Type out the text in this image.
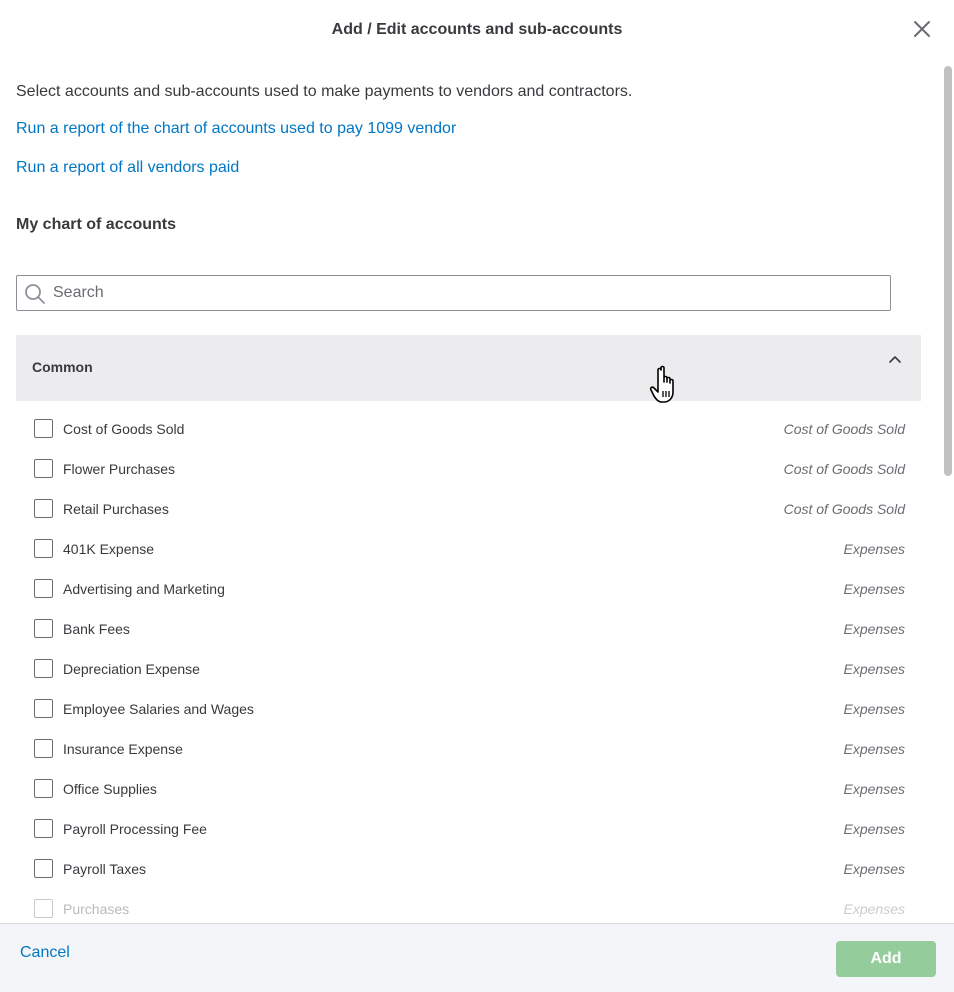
Add / Edit accounts and sub-accounts
Select accounts and sub-accounts used to make payments to vendors and contractors.
Run a report of the chart of accounts used to pay 1099 vendor
Run a report of all vendors paid
My chart of accounts
Search
Common
Cost of Goods Sold	Cost of Goods Sold
Flower Purchases	Cost of Goods Sold
Retail Purchases	Cost of Goods Sold
401K Expense	Expenses
Advertising and Marketing	Expenses
Bank Fees	Expenses
Depreciation Expense	Expenses
Employee Salaries and Wages	Expenses
Insurance Expense	Expenses
Office Supplies	Expenses
Payroll Processing Fee	Expenses
Payroll Taxes	Expenses
Purchases	Expenses
Cancel	Add
